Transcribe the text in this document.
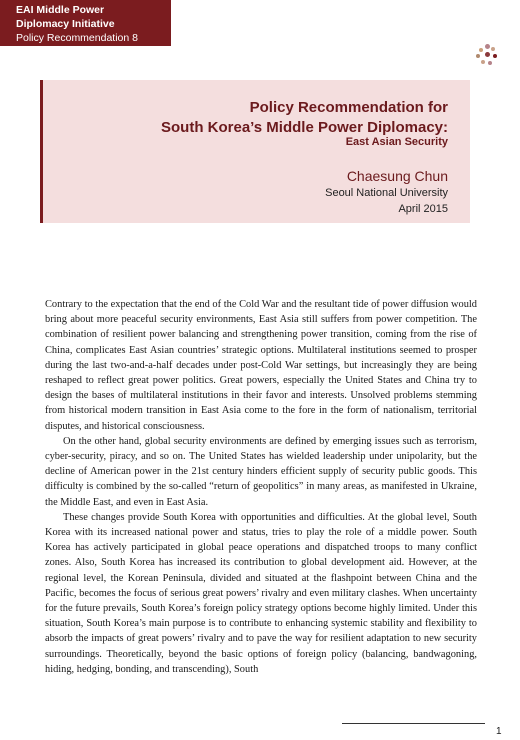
EAI Middle Power
Diplomacy Initiative
Policy Recommendation 8
Policy Recommendation for
South Korea’s Middle Power Diplomacy:
East Asian Security
Chaesung Chun
Seoul National University
April 2015

Contrary to the expectation that the end of the Cold War and the resultant tide of power diffusion would bring about more peaceful security environments, East Asia still suffers from power competition. The combination of resilient power balancing and strengthening power transition, coming from the rise of China, complicates East Asian countries’ strategic options. Multilateral institutions seemed to prosper during the last two-and-a-half decades under post-Cold War settings, but increasingly they are being reshaped to reflect great power politics. Great powers, especially the United States and China try to design the bases of multilateral institutions in their favor and interests. Unsolved problems stemming from historical modern transition in East Asia come to the fore in the form of nationalism, territorial disputes, and historical consciousness.

On the other hand, global security environments are defined by emerging issues such as terrorism, cyber-security, piracy, and so on. The United States has wielded leadership under unipolarity, but the decline of American power in the 21st century hinders efficient supply of security public goods. This difficulty is combined by the so-called “return of geopolitics” in many areas, as manifested in Ukraine, the Middle East, and even in East Asia.

These changes provide South Korea with opportunities and difficulties. At the global level, South Korea with its increased national power and status, tries to play the role of a middle power. South Korea has actively participated in global peace operations and dispatched troops to many conflict zones. Also, South Korea has increased its contribution to global development aid. However, at the regional level, the Korean Peninsula, divided and situated at the flashpoint between China and the Pacific, becomes the focus of serious great powers’ rivalry and even military clashes. When uncertainty for the future prevails, South Korea’s foreign policy strategy options become highly limited. Under this situation, South Korea’s main purpose is to contribute to enhancing systemic stability and flexibility to absorb the impacts of great powers’ rivalry and to pave the way for resilient adaptation to new security surroundings. Theoretically, beyond the basic options of foreign policy (balancing, bandwagoning, hiding, hedging, bonding, and transcending), South

1
